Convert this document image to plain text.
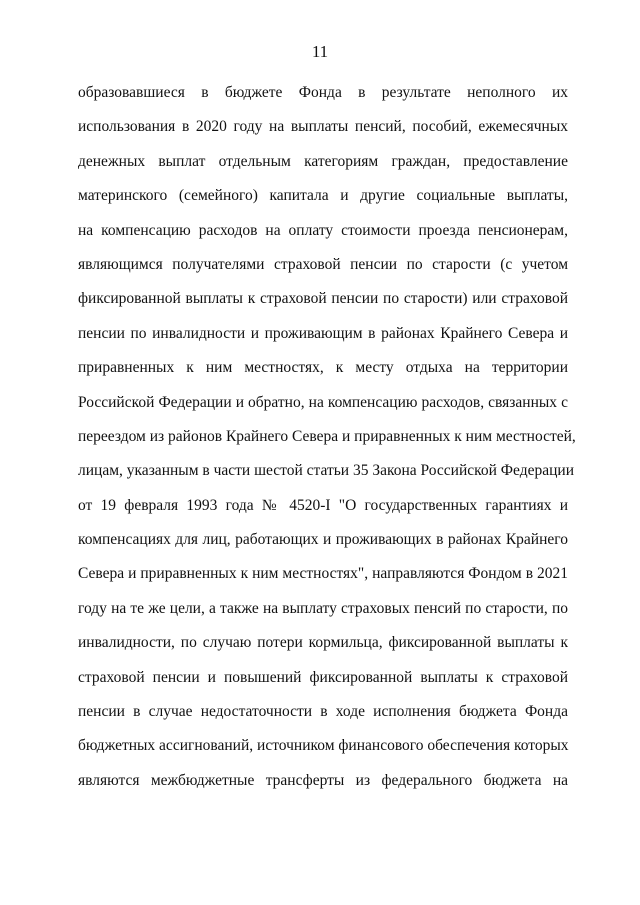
11
образовавшиеся в бюджете Фонда в результате неполного их
использования в 2020 году на выплаты пенсий, пособий, ежемесячных
денежных выплат отдельным категориям граждан, предоставление
материнского (семейного) капитала и другие социальные выплаты,
на компенсацию расходов на оплату стоимости проезда пенсионерам,
являющимся получателями страховой пенсии по старости (с учетом
фиксированной выплаты к страховой пенсии по старости) или страховой
пенсии по инвалидности и проживающим в районах Крайнего Севера и
приравненных к ним местностях, к месту отдыха на территории
Российской Федерации и обратно, на компенсацию расходов, связанных с
переездом из районов Крайнего Севера и приравненных к ним местностей,
лицам, указанным в части шестой статьи 35 Закона Российской Федерации
от 19 февраля 1993 года № 4520-I "О государственных гарантиях и
компенсациях для лиц, работающих и проживающих в районах Крайнего
Севера и приравненных к ним местностях", направляются Фондом в 2021
году на те же цели, а также на выплату страховых пенсий по старости, по
инвалидности, по случаю потери кормильца, фиксированной выплаты к
страховой пенсии и повышений фиксированной выплаты к страховой
пенсии в случае недостаточности в ходе исполнения бюджета Фонда
бюджетных ассигнований, источником финансового обеспечения которых
являются межбюджетные трансферты из федерального бюджета на
